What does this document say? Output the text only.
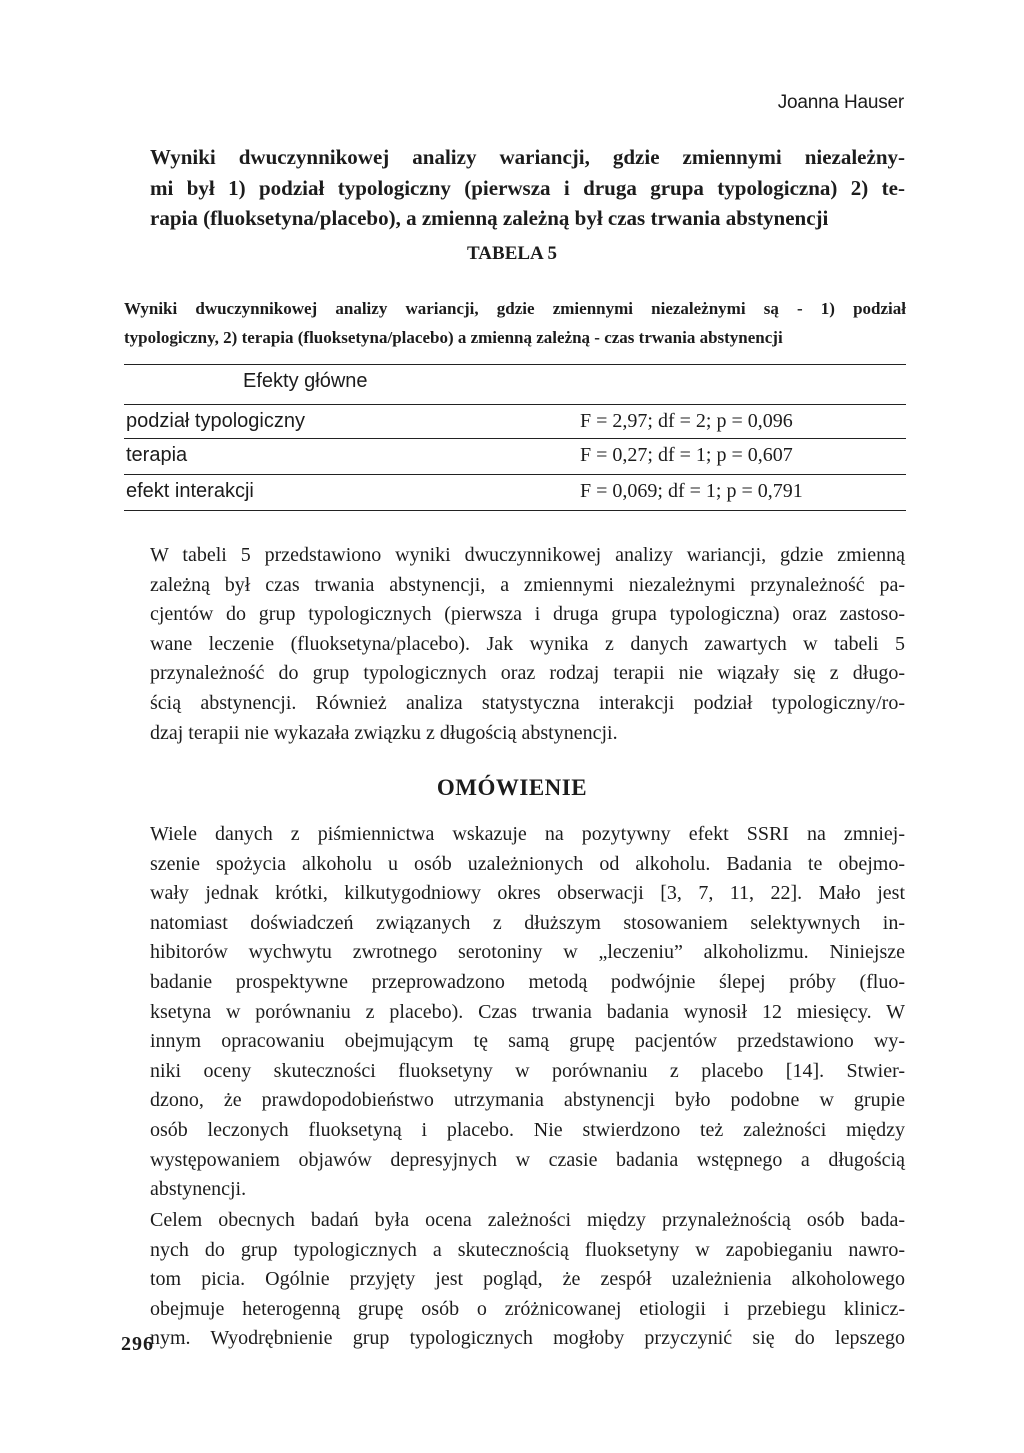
Joanna Hauser
Wyniki dwuczynnikowej analizy wariancji, gdzie zmiennymi niezależny-
mi był 1) podział typologiczny (pierwsza i druga grupa typologiczna) 2) te-
rapia (fluoksetyna/placebo), a zmienną zależną był czas trwania abstynencji
TABELA 5
Wyniki dwuczynnikowej analizy wariancji, gdzie zmiennymi niezależnymi są - 1) podział
typologiczny, 2) terapia (fluoksetyna/placebo) a zmienną zależną - czas trwania abstynencji
Efekty główne
podział typologiczny	F = 2,97; df = 2; p = 0,096
terapia	F = 0,27; df = 1; p = 0,607
efekt interakcji	F = 0,069; df = 1; p = 0,791
W tabeli 5 przedstawiono wyniki dwuczynnikowej analizy wariancji, gdzie zmienną
zależną był czas trwania abstynencji, a zmiennymi niezależnymi przynależność pa-
cjentów do grup typologicznych (pierwsza i druga grupa typologiczna) oraz zastoso-
wane leczenie (fluoksetyna/placebo). Jak wynika z danych zawartych w tabeli 5
przynależność do grup typologicznych oraz rodzaj terapii nie wiązały się z długo-
ścią abstynencji. Również analiza statystyczna interakcji podział typologiczny/ro-
dzaj terapii nie wykazała związku z długością abstynencji.
OMÓWIENIE
Wiele danych z piśmiennictwa wskazuje na pozytywny efekt SSRI na zmniej-
szenie spożycia alkoholu u osób uzależnionych od alkoholu. Badania te obejmo-
wały jednak krótki, kilkutygodniowy okres obserwacji [3, 7, 11, 22]. Mało jest
natomiast doświadczeń związanych z dłuższym stosowaniem selektywnych in-
hibitorów wychwytu zwrotnego serotoniny w „leczeniu” alkoholizmu. Niniejsze
badanie prospektywne przeprowadzono metodą podwójnie ślepej próby (fluo-
ksetyna w porównaniu z placebo). Czas trwania badania wynosił 12 miesięcy. W
innym opracowaniu obejmującym tę samą grupę pacjentów przedstawiono wy-
niki oceny skuteczności fluoksetyny w porównaniu z placebo [14]. Stwier-
dzono, że prawdopodobieństwo utrzymania abstynencji było podobne w grupie
osób leczonych fluoksetyną i placebo. Nie stwierdzono też zależności między
występowaniem objawów depresyjnych w czasie badania wstępnego a długością
abstynencji.
Celem obecnych badań była ocena zależności między przynależnością osób bada-
nych do grup typologicznych a skutecznością fluoksetyny w zapobieganiu nawro-
tom picia. Ogólnie przyjęty jest pogląd, że zespół uzależnienia alkoholowego
obejmuje heterogenną grupę osób o zróżnicowanej etiologii i przebiegu klinicz-
nym. Wyodrębnienie grup typologicznych mogłoby przyczynić się do lepszego
296
